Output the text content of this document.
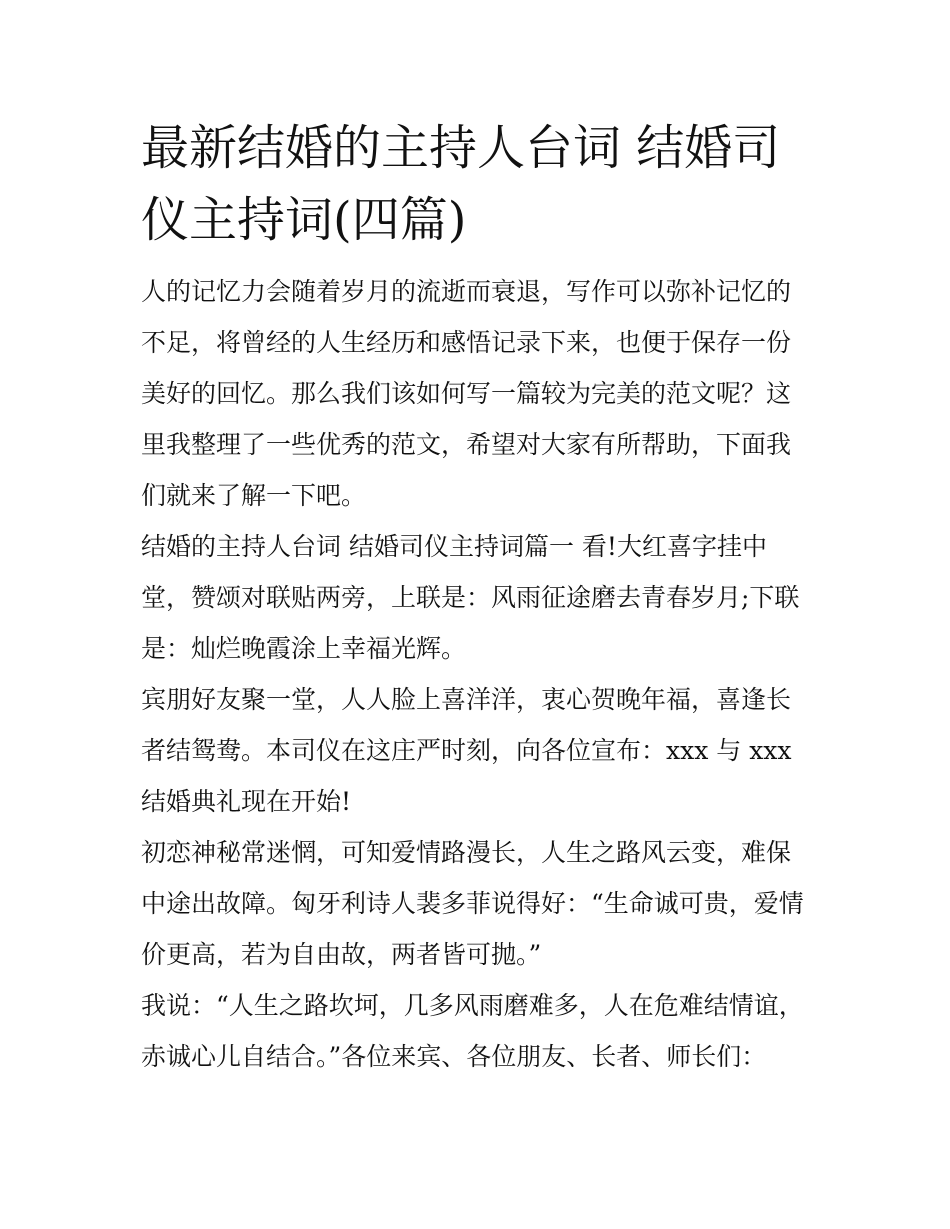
最新结婚的主持人台词 结婚司仪主持词(四篇)

人的记忆力会随着岁月的流逝而衰退，写作可以弥补记忆的不足，将曾经的人生经历和感悟记录下来，也便于保存一份美好的回忆。那么我们该如何写一篇较为完美的范文呢？这里我整理了一些优秀的范文，希望对大家有所帮助，下面我们就来了解一下吧。

结婚的主持人台词 结婚司仪主持词篇一 看!大红喜字挂中堂，赞颂对联贴两旁，上联是：风雨征途磨去青春岁月;下联是：灿烂晚霞涂上幸福光辉。

宾朋好友聚一堂，人人脸上喜洋洋，衷心贺晚年福，喜逢长者结鸳鸯。本司仪在这庄严时刻，向各位宣布：xxx 与 xxx 结婚典礼现在开始!

初恋神秘常迷惘，可知爱情路漫长，人生之路风云变，难保中途出故障。匈牙利诗人裴多菲说得好：“生命诚可贵，爱情价更高，若为自由故，两者皆可抛。”

我说：“人生之路坎坷，几多风雨磨难多，人在危难结情谊，赤诚心儿自结合。”各位来宾、各位朋友、长者、师长们：
